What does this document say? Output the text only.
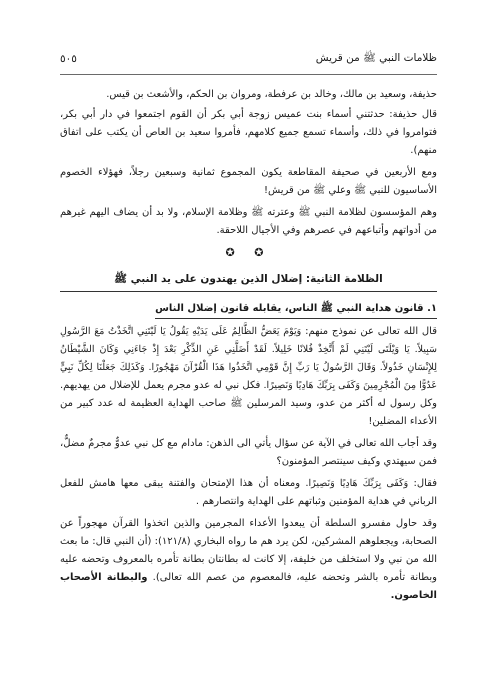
ظلامات النبي ﷺ من قريش
٥٠٥

حذيفة، وسعيد بن مالك، وخالد بن عرفطة، ومروان بن الحكم، والأشعث بن قيس.

قال حذيفة: حدثتني أسماء بنت عميس زوجة أبي بكر أن القوم اجتمعوا في دار أبي بكر، فتوامروا في ذلك، وأسماء تسمع جميع كلامهم، فأمروا سعيد بن العاص أن يكتب على اتفاق منهم).

ومع الأربعين في صحيفة المقاطعة يكون المجموع ثمانية وسبعين رجلاً، فهؤلاء الخصوم الأساسيون للنبي ﷺ وعلي ﷺ من قريش!

وهم المؤسسون لظلامة النبي ﷺ وعترته ﷺ وظلامة الإسلام، ولا بد أن يضاف اليهم غيرهم من أدواتهم وأتباعهم في عصرهم وفي الأجيال اللاحقة.

✪ ✪
الظلامة الثانية: إضلال الذين يهتدون على يد النبي ﷺ
١. قانون هداية النبي ﷺ الناس، يقابله قانون إضلال الناس

قال الله تعالى عن نموذج منهم: وَيَوْمَ يَعَضُّ الظَّالِمُ عَلَى يَدَيْهِ يَقُولُ يَا لَيْتَنِي اتَّخَذْتُ مَعَ الرَّسُولِ سَبِيلاً. يَا وَيْلَتَى لَيْتَنِي لَمْ أَتَّخِذْ فُلانًا خَلِيلاً. لَقَدْ أَضَلَّنِي عَنِ الذِّكْرِ بَعْدَ إِذْ جَاءَنِي وَكَانَ الشَّيْطَانُ لِلإِنْسَانِ خَذُولاً. وَقَالَ الرَّسُولُ يَا رَبِّ إِنَّ قَوْمِي اتَّخَذُوا هَذَا الْقُرْآنَ مَهْجُورًا. وَكَذَلِكَ جَعَلْنَا لِكُلِّ نَبِيٍّ عَدُوًّا مِنَ الْمُجْرِمِينَ وَكَفَى بِرَبِّكَ هَادِيًا وَنَصِيرًا. فكل نبي له عدو مجرم يعمل للإضلال من يهديهم. وكل رسول له أكثر من عدو، وسيد المرسلين ﷺ صاحب الهداية العظيمة له عدد كبير من الأعداء المضلين!

وقد أجاب الله تعالى في الآية عن سؤال يأتي الى الذهن: مادام مع كل نبي عدوٌّ مجرمٌ مضلٌّ، فمن سيهتدي وكيف سينتصر المؤمنون؟

فقال: وَكَفَى بِرَبِّكَ هَادِيًا وَنَصِيرًا. ومعناه أن هذا الإمتحان والفتنة يبقى معها هامش للفعل الرباني في هداية المؤمنين وثباتهم على الهداية وانتصارهم .

وقد حاول مفسرو السلطة أن يبعدوا الأعداء المجرمين والذين اتخذوا القرآن مهجوراً عن الصحابة، ويجعلوهم المشركين، لكن يرد هم ما رواه البخاري (١٢١/٨): (أن النبي قال: ما بعث الله من نبي ولا استخلف من خليفة، إلا كانت له بطانتان بطانة تأمره بالمعروف وتحضه عليه وبطانة تأمره بالشر وتحضه عليه، فالمعصوم من عصم الله تعالى). والبطانة الأصحاب الخاصون.
